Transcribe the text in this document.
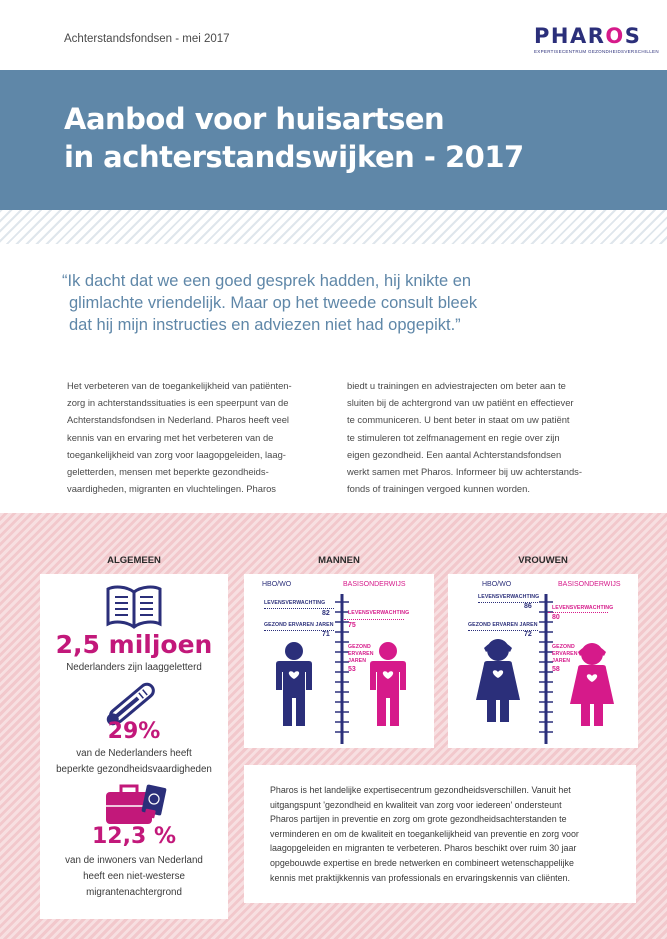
Achterstandsfondsen - mei 2017	PHAROS
EXPERTISECENTRUM GEZONDHEIDSVERSCHILLEN
Aanbod voor huisartsen
in achterstandswijken - 2017
“Ik dacht dat we een goed gesprek hadden, hij knikte en
glimlachte vriendelijk. Maar op het tweede consult bleek
dat hij mijn instructies en adviezen niet had opgepikt.”
Het verbeteren van de toegankelijkheid van patiënten-
zorg in achterstandssituaties is een speerpunt van de
Achterstandsfondsen in Nederland. Pharos heeft veel
kennis van en ervaring met het verbeteren van de
toegankelijkheid van zorg voor laagopgeleiden, laag-
geletterden, mensen met beperkte gezondheids-
vaardigheden, migranten en vluchtelingen. Pharos
biedt u trainingen en adviestrajecten om beter aan te
sluiten bij de achtergrond van uw patiënt en effectiever
te communiceren. U bent beter in staat om uw patiënt
te stimuleren tot zelfmanagement en regie over zijn
eigen gezondheid. Een aantal Achterstandsfondsen
werkt samen met Pharos. Informeer bij uw achterstands-
fonds of trainingen vergoed kunnen worden.
ALGEMEEN	MANNEN	VROUWEN
2,5 miljoen
Nederlanders zijn laaggeletterd
29%
van de Nederlanders heeft
beperkte gezondheidsvaardigheden
12,3 %
van de inwoners van Nederland
heeft een niet-westerse
migrantenachtergrond
HBO/WO	BASISONDERWIJS
LEVENSVERWACHTING
82
GEZOND ERVAREN JAREN
71
LEVENSVERWACHTING
75
GEZOND
ERVAREN
JAREN
53
HBO/WO	BASISONDERWIJS
LEVENSVERWACHTING
86
GEZOND ERVAREN JAREN
72
LEVENSVERWACHTING
80
GEZOND
ERVAREN
JAREN
58
Pharos is het landelijke expertisecentrum gezondheidsverschillen. Vanuit het
uitgangspunt 'gezondheid en kwaliteit van zorg voor iedereen' ondersteunt
Pharos partijen in preventie en zorg om grote gezondheidsachterstanden te
verminderen en om de kwaliteit en toegankelijkheid van preventie en zorg voor
laagopgeleiden en migranten te verbeteren. Pharos beschikt over ruim 30 jaar
opgebouwde expertise en brede netwerken en combineert wetenschappelijke
kennis met praktijkkennis van professionals en ervaringskennis van cliënten.
